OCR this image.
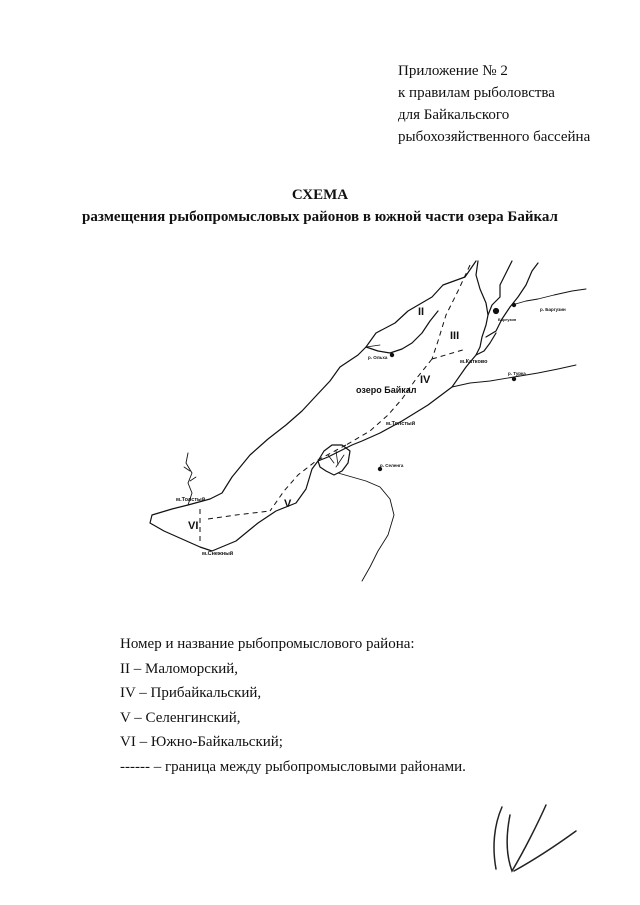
Приложение № 2
к правилам рыболовства
для Байкальского
рыбохозяйственного бассейна
СХЕМА
размещения рыбопромысловых районов в южной части озера Байкал
II
III
IV
V
VI
озеро Байкал
м.Толстый
м.Толстый
м.Снежный
м.Катково
р. Ольха
р. Селенга
р. Турка
р. Баргузин
Баргузин
Номер и название рыбопромыслового района:
II – Маломорский,
IV – Прибайкальский,
V – Селенгинский,
VI – Южно-Байкальский;
------ – граница между рыбопромысловыми районами.
